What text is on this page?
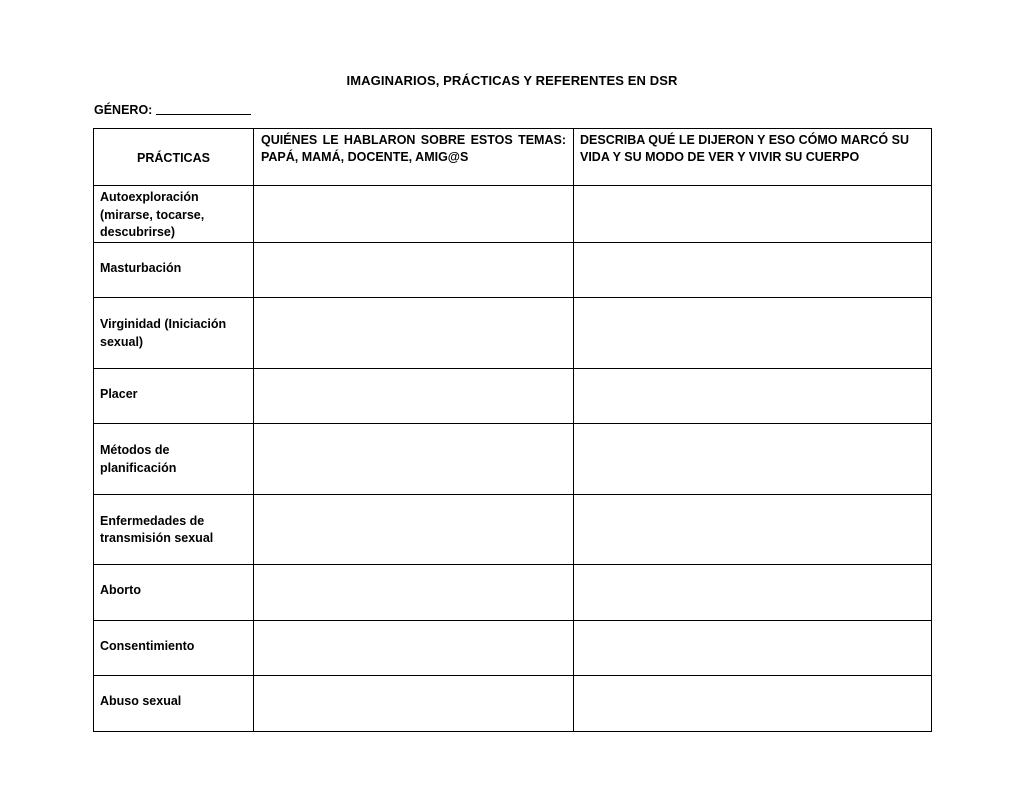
IMAGINARIOS, PRÁCTICAS Y REFERENTES EN DSR
GÉNERO:
PRÁCTICAS	QUIÉNES LE HABLARON SOBRE ESTOS TEMAS: PAPÁ, MAMÁ, DOCENTE, AMIG@S	DESCRIBA QUÉ LE DIJERON Y ESO CÓMO MARCÓ SU VIDA Y SU MODO DE VER Y VIVIR SU CUERPO
Autoexploración (mirarse, tocarse, descubrirse)		
Masturbación		
Virginidad (Iniciación sexual)		
Placer		
Métodos de planificación		
Enfermedades de transmisión sexual		
Aborto		
Consentimiento		
Abuso sexual		
